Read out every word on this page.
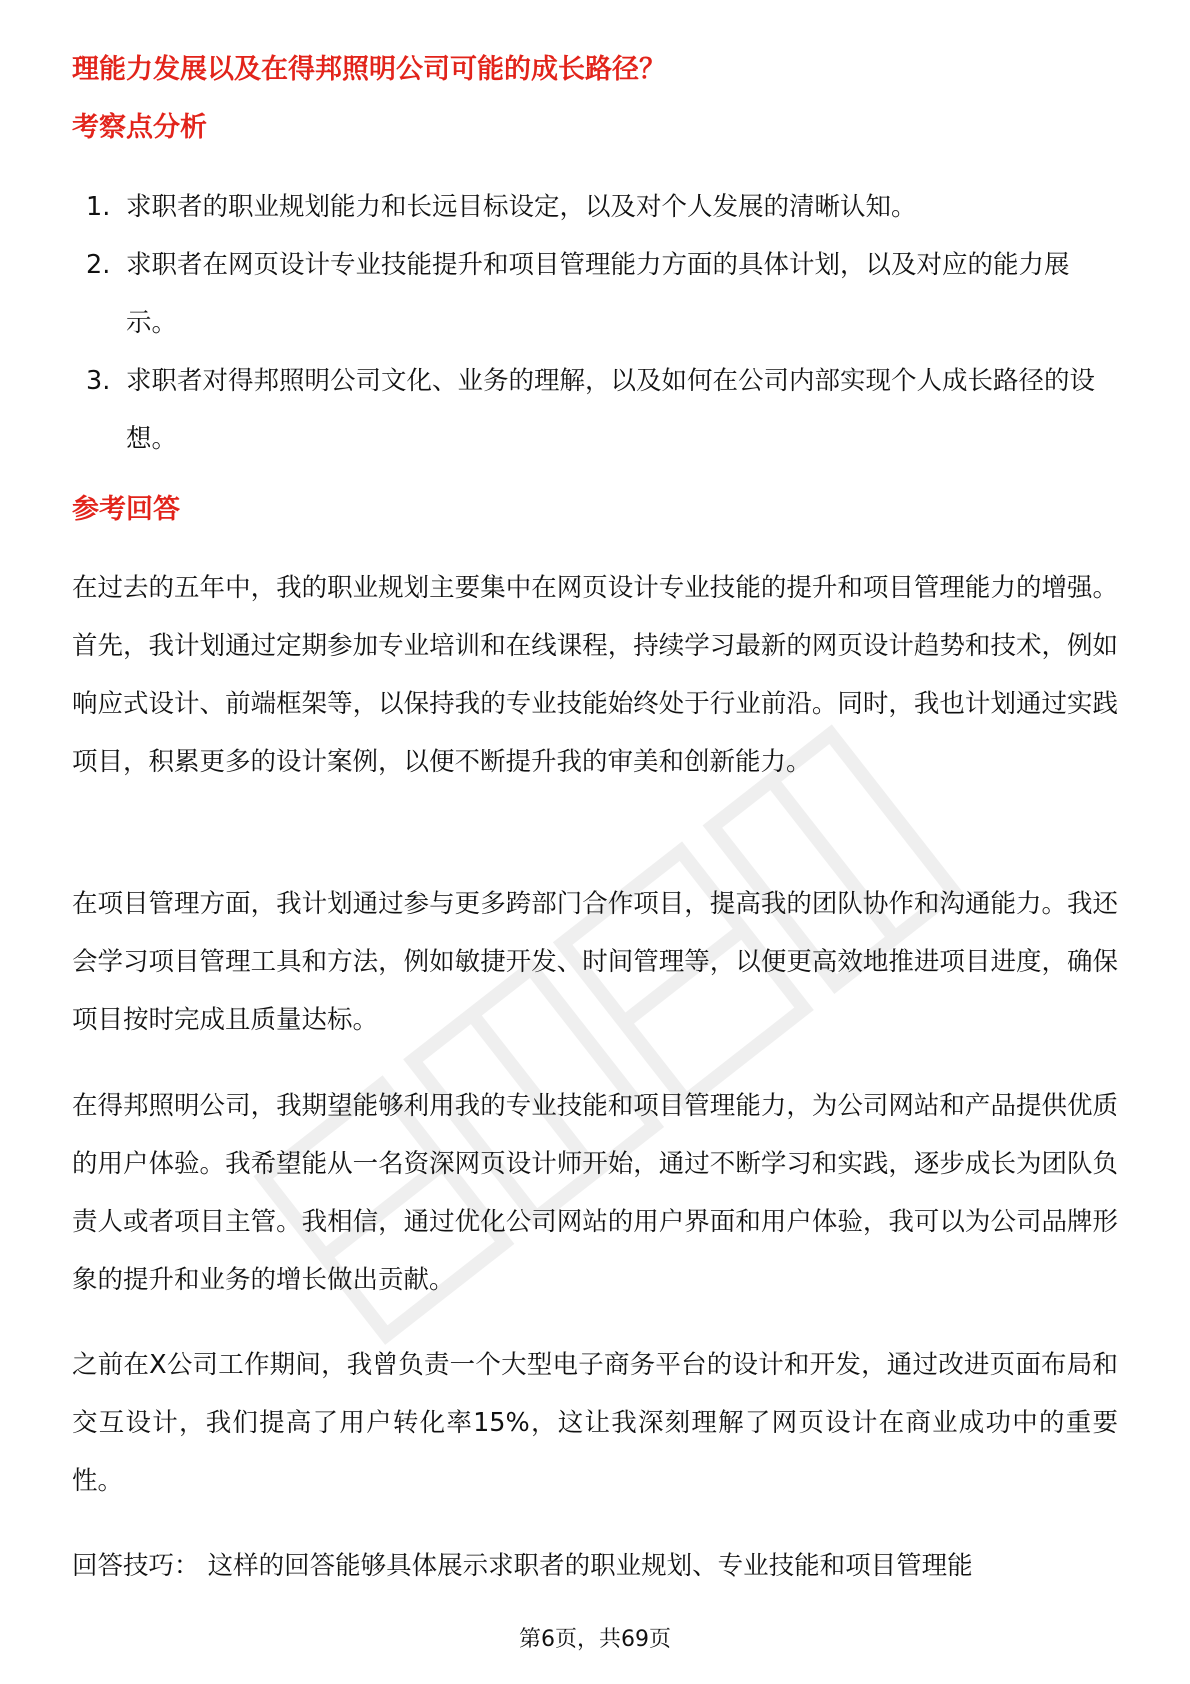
理能力发展以及在得邦照明公司可能的成长路径？
考察点分析
1. 求职者的职业规划能力和长远目标设定，以及对个人发展的清晰认知。
2. 求职者在网页设计专业技能提升和项目管理能力方面的具体计划，以及对应的能力展示。
3. 求职者对得邦照明公司文化、业务的理解，以及如何在公司内部实现个人成长路径的设想。
参考回答

在过去的五年中，我的职业规划主要集中在网页设计专业技能的提升和项目管理能力的增强。首先，我计划通过定期参加专业培训和在线课程，持续学习最新的网页设计趋势和技术，例如响应式设计、前端框架等，以保持我的专业技能始终处于行业前沿。同时，我也计划通过实践项目，积累更多的设计案例，以便不断提升我的审美和创新能力。

在项目管理方面，我计划通过参与更多跨部门合作项目，提高我的团队协作和沟通能力。我还会学习项目管理工具和方法，例如敏捷开发、时间管理等，以便更高效地推进项目进度，确保项目按时完成且质量达标。

在得邦照明公司，我期望能够利用我的专业技能和项目管理能力，为公司网站和产品提供优质的用户体验。我希望能从一名资深网页设计师开始，通过不断学习和实践，逐步成长为团队负责人或者项目主管。我相信，通过优化公司网站的用户界面和用户体验，我可以为公司品牌形象的提升和业务的增长做出贡献。

之前在X公司工作期间，我曾负责一个大型电子商务平台的设计和开发，通过改进页面布局和交互设计，我们提高了用户转化率15%，这让我深刻理解了网页设计在商业成功中的重要性。

回答技巧： 这样的回答能够具体展示求职者的职业规划、专业技能和项目管理能

第6页，共69页
